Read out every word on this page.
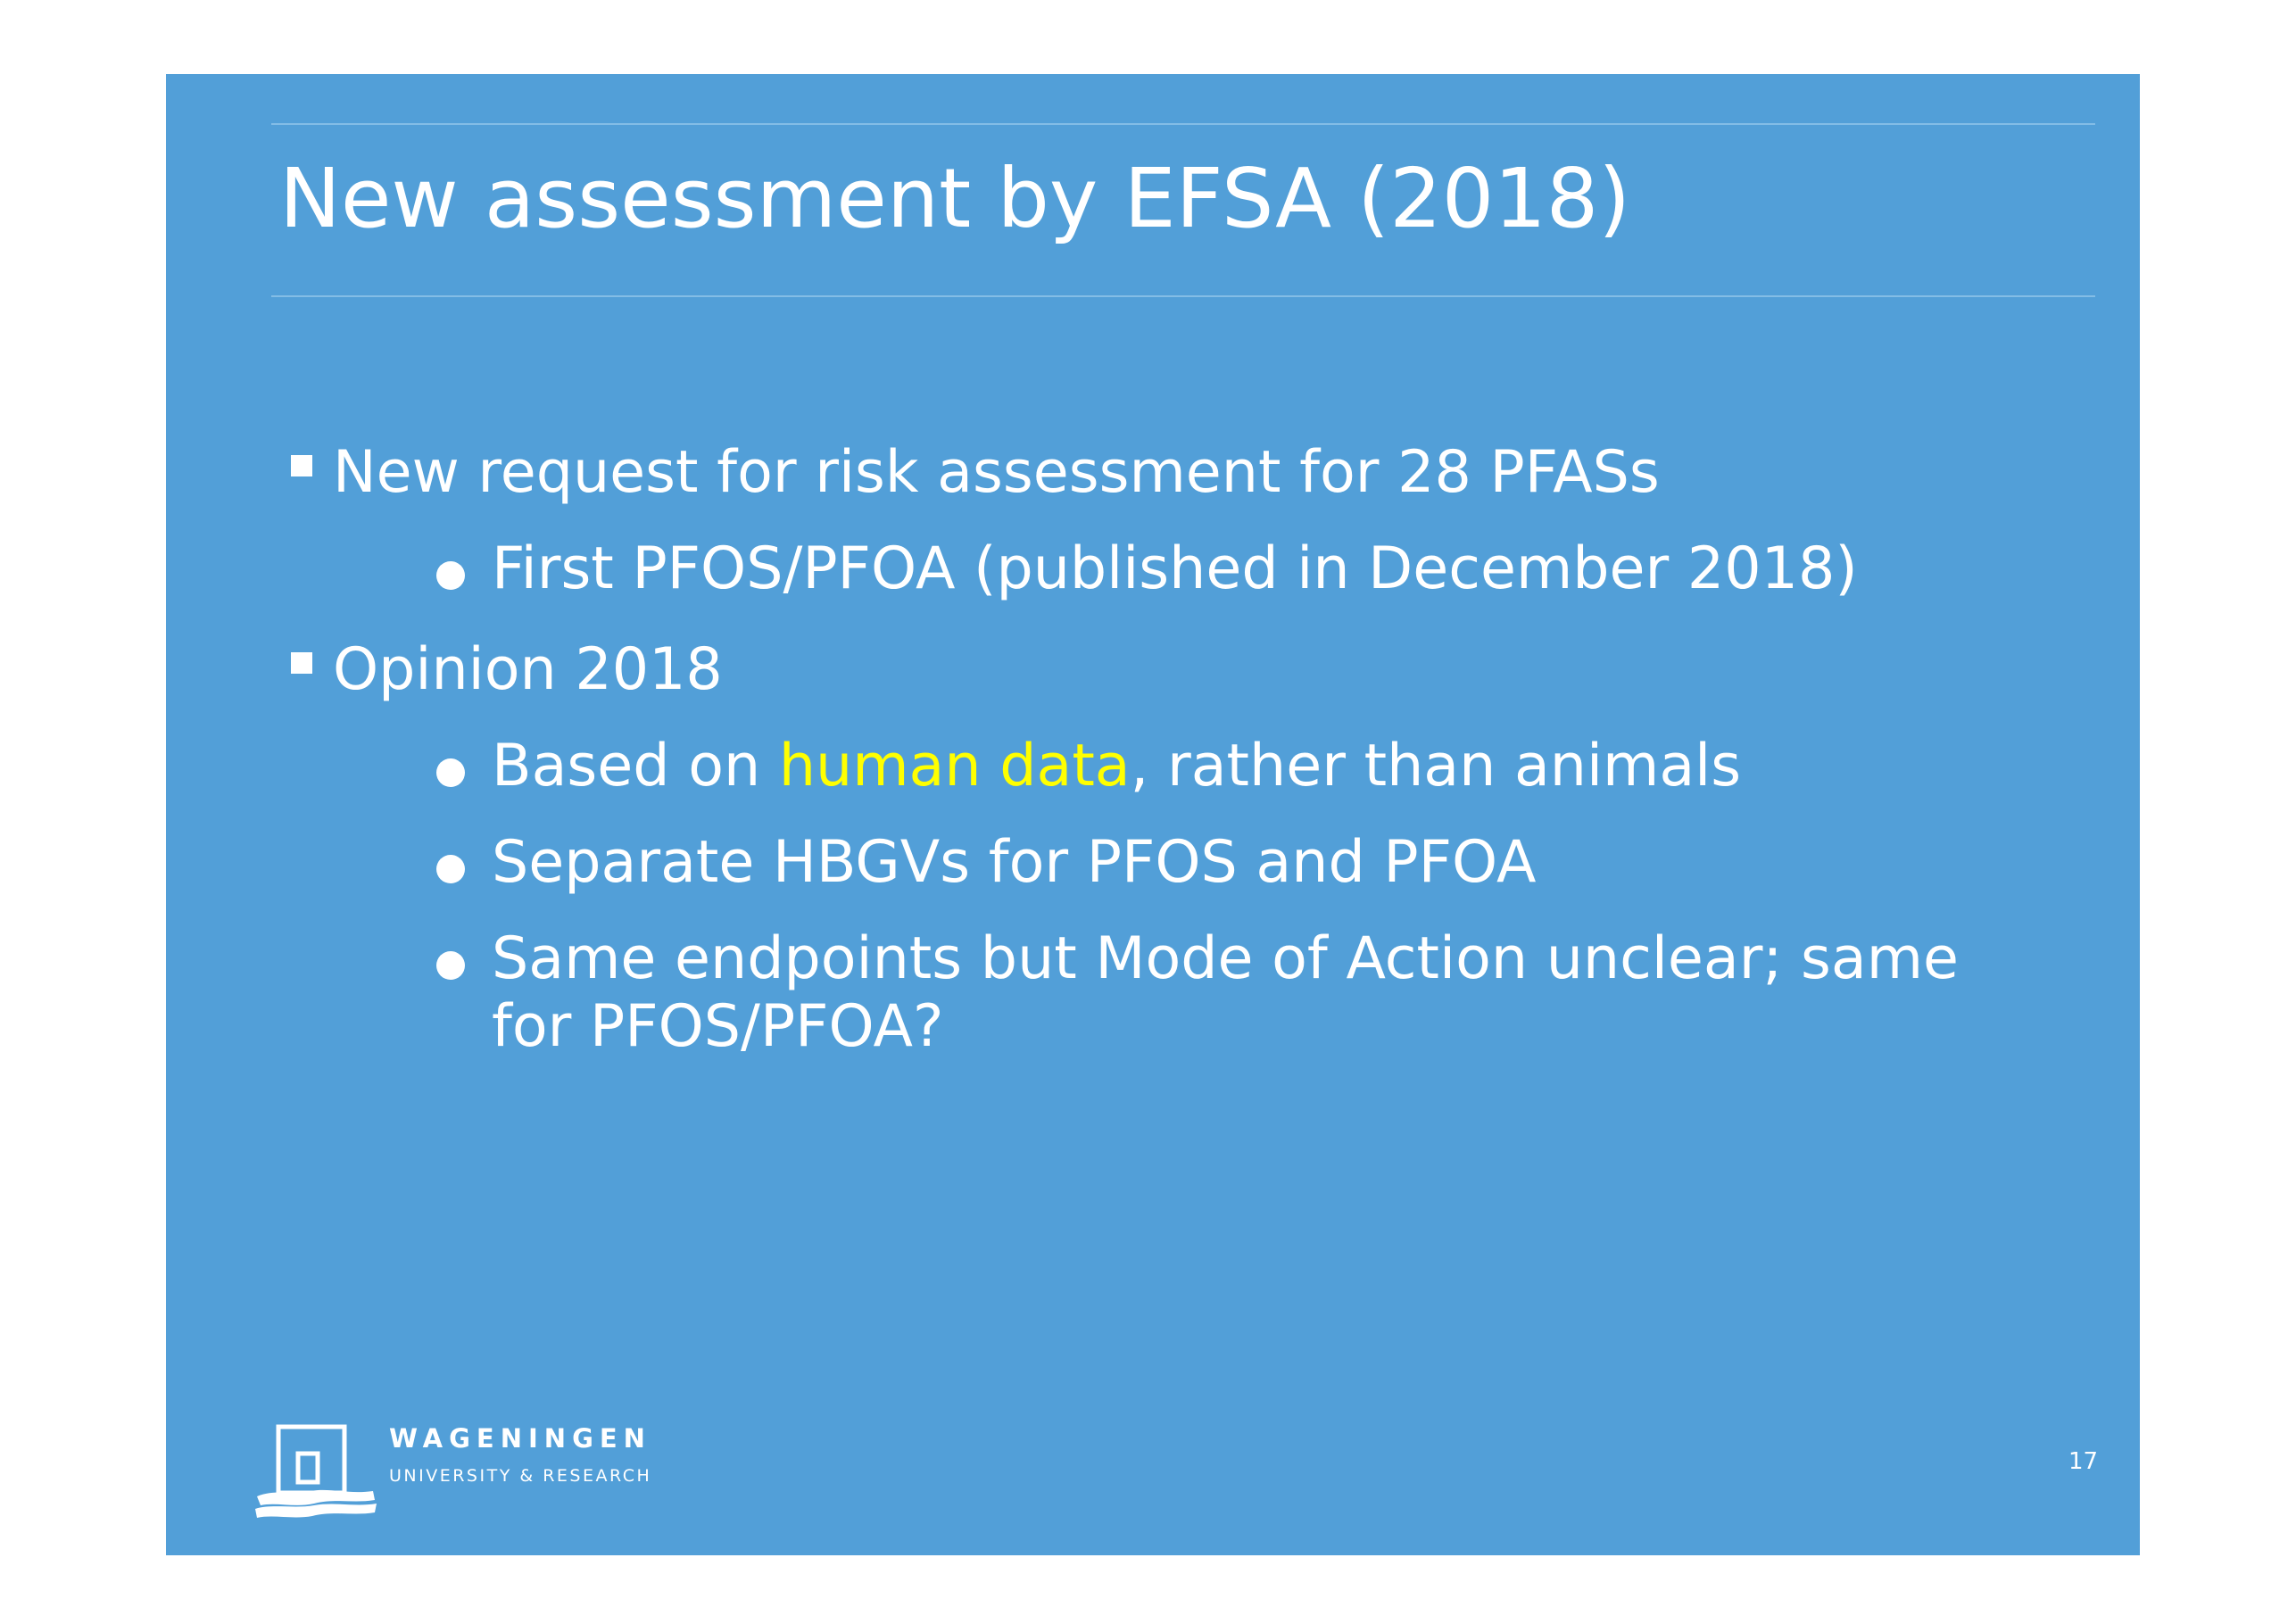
New assessment by EFSA (2018)
New request for risk assessment for 28 PFASs
First PFOS/PFOA (published in December 2018)
Opinion 2018
Based on human data, rather than animals
Separate HBGVs for PFOS and PFOA
Same endpoints but Mode of Action unclear; same
for PFOS/PFOA?
WAGENINGEN
UNIVERSITY & RESEARCH
17
